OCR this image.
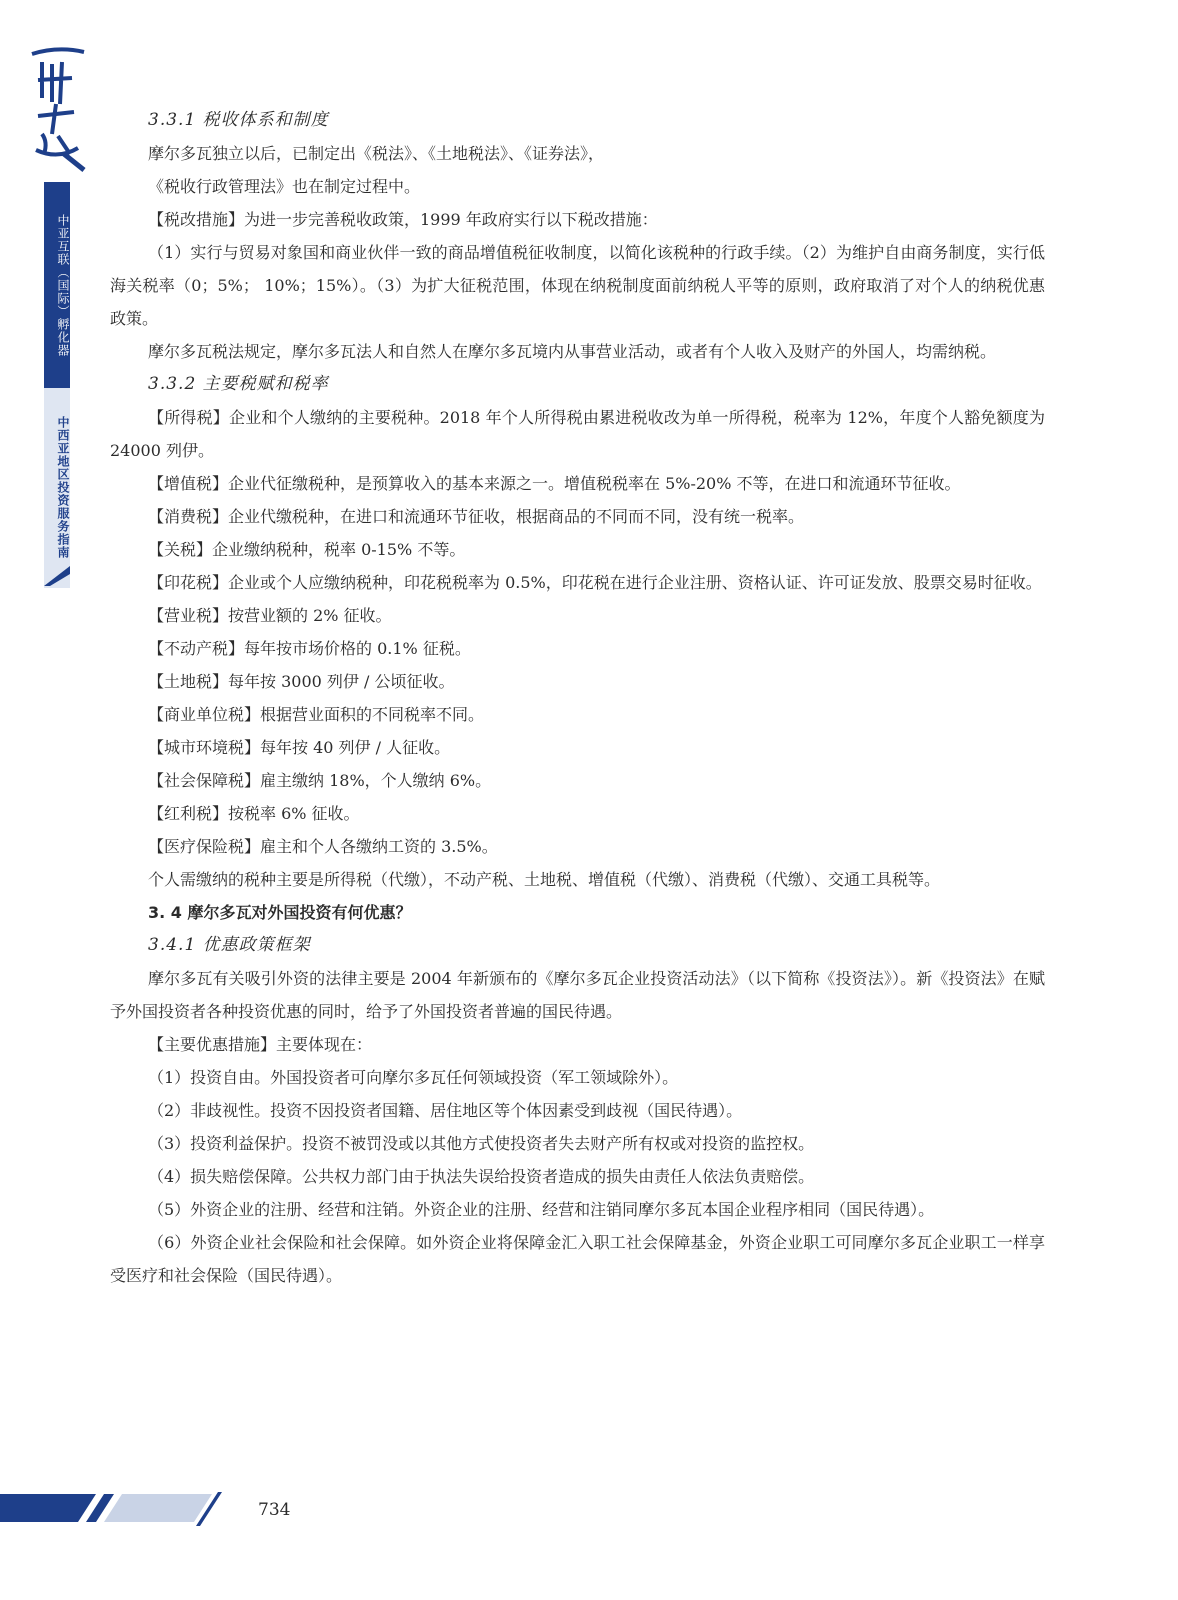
中亚互联（国际）孵化器
中西亚地区投资服务指南

3.3.1 税收体系和制度

摩尔多瓦独立以后，已制定出《税法》、《土地税法》、《证券法》，

《税收行政管理法》也在制定过程中。

【税改措施】为进一步完善税收政策，1999 年政府实行以下税改措施：

（1）实行与贸易对象国和商业伙伴一致的商品增值税征收制度，以简化该税种的行政手续。（2）为维护自由商务制度，实行低海关税率（0；5%； 10%；15%）。（3）为扩大征税范围，体现在纳税制度面前纳税人平等的原则，政府取消了对个人的纳税优惠政策。

摩尔多瓦税法规定，摩尔多瓦法人和自然人在摩尔多瓦境内从事营业活动，或者有个人收入及财产的外国人，均需纳税。

3.3.2 主要税赋和税率

【所得税】企业和个人缴纳的主要税种。2018 年个人所得税由累进税收改为单一所得税，税率为 12%，年度个人豁免额度为 24000 列伊。

【增值税】企业代征缴税种，是预算收入的基本来源之一。增值税税率在 5%-20% 不等，在进口和流通环节征收。

【消费税】企业代缴税种，在进口和流通环节征收，根据商品的不同而不同，没有统一税率。

【关税】企业缴纳税种，税率 0-15% 不等。

【印花税】企业或个人应缴纳税种，印花税税率为 0.5%，印花税在进行企业注册、资格认证、许可证发放、股票交易时征收。

【营业税】按营业额的 2% 征收。

【不动产税】每年按市场价格的 0.1% 征税。

【土地税】每年按 3000 列伊 / 公顷征收。

【商业单位税】根据营业面积的不同税率不同。

【城市环境税】每年按 40 列伊 / 人征收。

【社会保障税】雇主缴纳 18%，个人缴纳 6%。

【红利税】按税率 6% 征收。

【医疗保险税】雇主和个人各缴纳工资的 3.5%。

个人需缴纳的税种主要是所得税（代缴），不动产税、土地税、增值税（代缴）、消费税（代缴）、交通工具税等。

3. 4 摩尔多瓦对外国投资有何优惠？

3.4.1 优惠政策框架

摩尔多瓦有关吸引外资的法律主要是 2004 年新颁布的《摩尔多瓦企业投资活动法》（以下简称《投资法》）。新《投资法》在赋予外国投资者各种投资优惠的同时，给予了外国投资者普遍的国民待遇。

【主要优惠措施】主要体现在：

（1）投资自由。外国投资者可向摩尔多瓦任何领域投资（军工领域除外）。

（2）非歧视性。投资不因投资者国籍、居住地区等个体因素受到歧视（国民待遇）。

（3）投资利益保护。投资不被罚没或以其他方式使投资者失去财产所有权或对投资的监控权。

（4）损失赔偿保障。公共权力部门由于执法失误给投资者造成的损失由责任人依法负责赔偿。

（5）外资企业的注册、经营和注销。外资企业的注册、经营和注销同摩尔多瓦本国企业程序相同（国民待遇）。

（6）外资企业社会保险和社会保障。如外资企业将保障金汇入职工社会保障基金，外资企业职工可同摩尔多瓦企业职工一样享受医疗和社会保险（国民待遇）。

734
